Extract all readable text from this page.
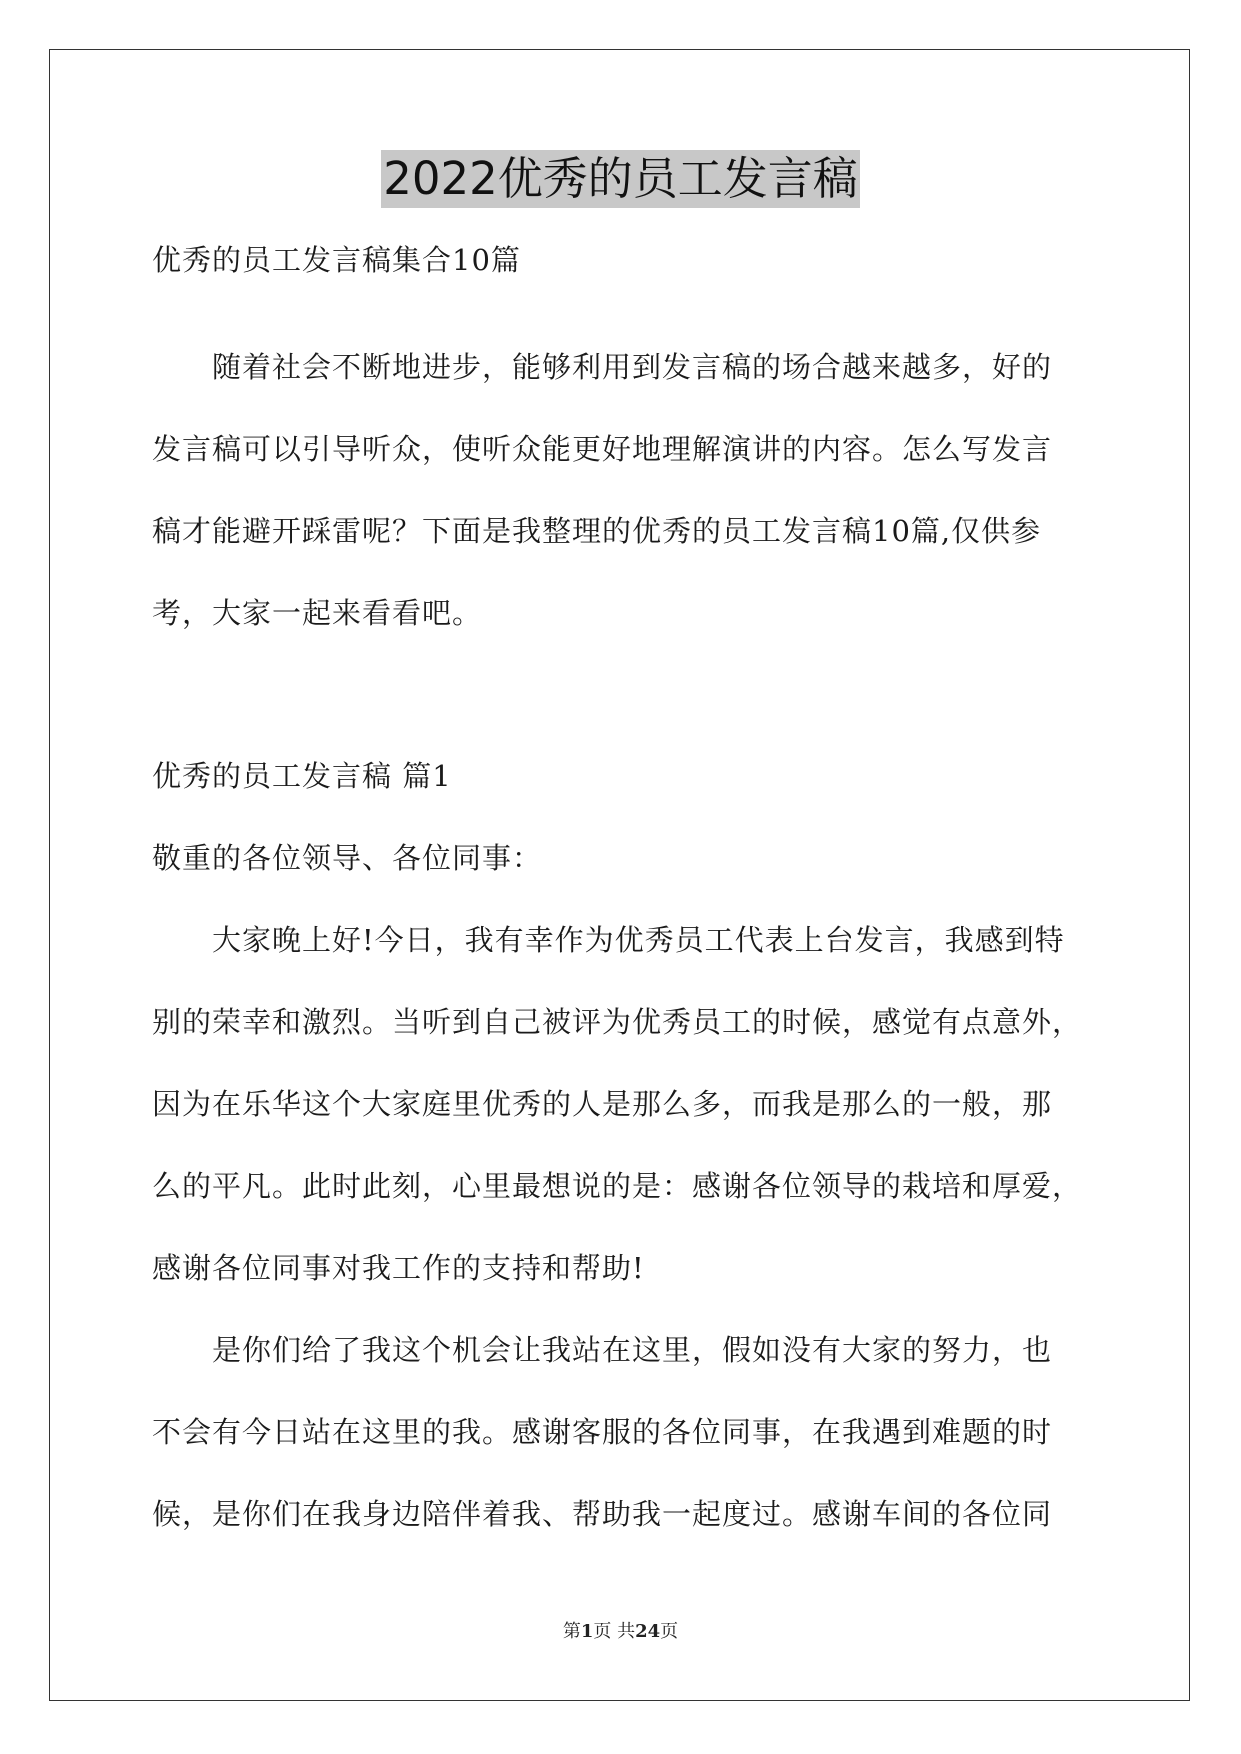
2022优秀的员工发言稿
优秀的员工发言稿集合10篇
随着社会不断地进步，能够利用到发言稿的场合越来越多，好的
发言稿可以引导听众，使听众能更好地理解演讲的内容。怎么写发言
稿才能避开踩雷呢？下面是我整理的优秀的员工发言稿10篇,仅供参
考，大家一起来看看吧。
优秀的员工发言稿 篇1
敬重的各位领导、各位同事：
大家晚上好!今日，我有幸作为优秀员工代表上台发言，我感到特
别的荣幸和激烈。当听到自己被评为优秀员工的时候，感觉有点意外，
因为在乐华这个大家庭里优秀的人是那么多，而我是那么的一般，那
么的平凡。此时此刻，心里最想说的是：感谢各位领导的栽培和厚爱，
感谢各位同事对我工作的支持和帮助!
是你们给了我这个机会让我站在这里，假如没有大家的努力，也
不会有今日站在这里的我。感谢客服的各位同事，在我遇到难题的时
候，是你们在我身边陪伴着我、帮助我一起度过。感谢车间的各位同
第1页 共24页
